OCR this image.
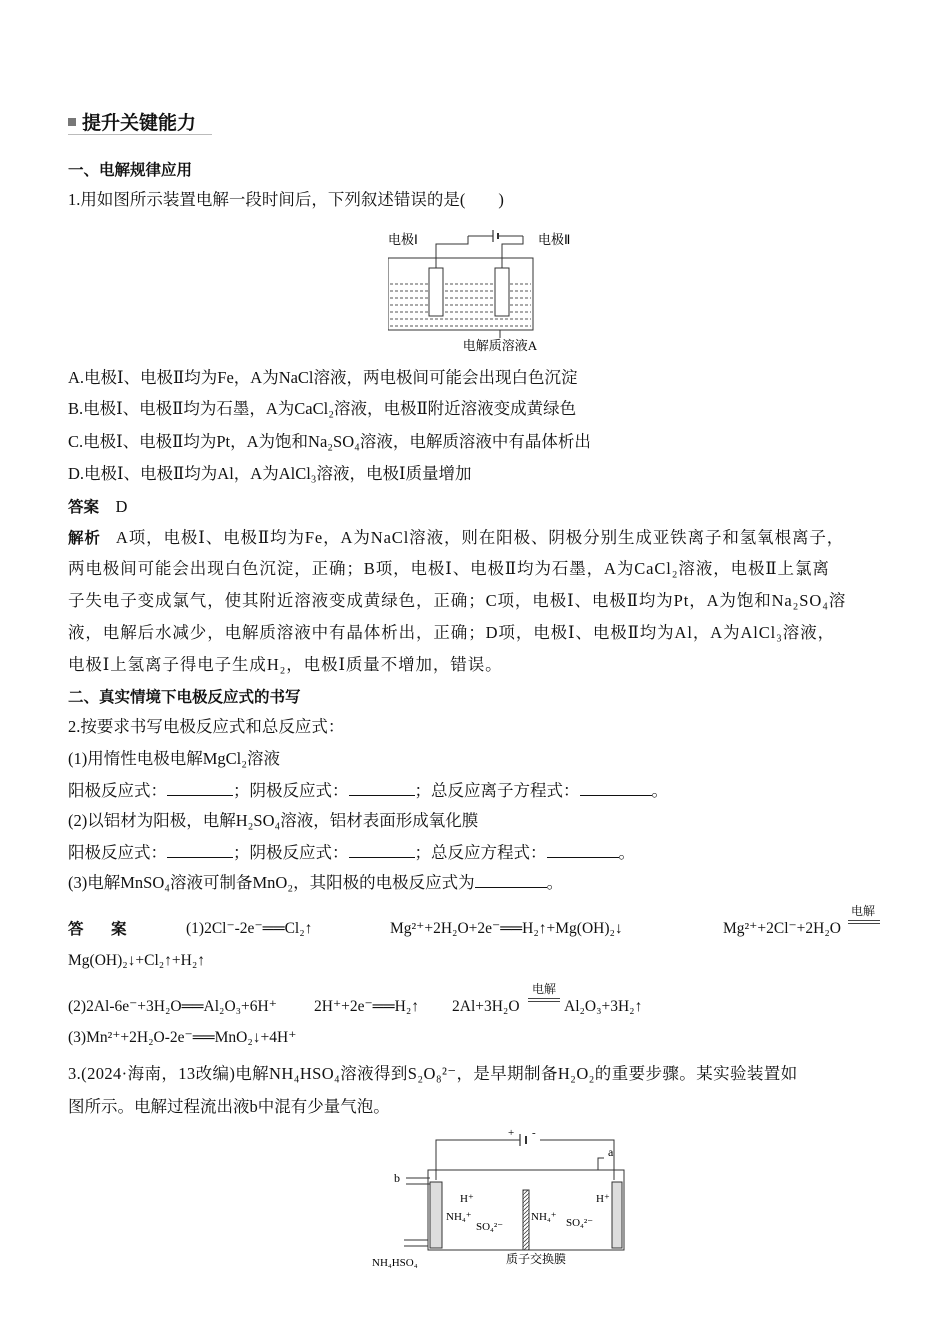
提升关键能力
一、电解规律应用
1.用如图所示装置电解一段时间后，下列叙述错误的是(　　)
电极Ⅰ	电极Ⅱ
电解质溶液A
A.电极Ⅰ、电极Ⅱ均为Fe，A为NaCl溶液，两电极间可能会出现白色沉淀
B.电极Ⅰ、电极Ⅱ均为石墨，A为CaCl₂溶液，电极Ⅱ附近溶液变成黄绿色
C.电极Ⅰ、电极Ⅱ均为Pt，A为饱和Na₂SO₄溶液，电解质溶液中有晶体析出
D.电极Ⅰ、电极Ⅱ均为Al，A为AlCl₃溶液，电极Ⅰ质量增加
答案 D
解析 A项，电极Ⅰ、电极Ⅱ均为Fe，A为NaCl溶液，则在阳极、阴极分别生成亚铁离子和氢氧根离子，
两电极间可能会出现白色沉淀，正确；B项，电极Ⅰ、电极Ⅱ均为石墨，A为CaCl₂溶液，电极Ⅱ上氯离
子失电子变成氯气，使其附近溶液变成黄绿色，正确；C项，电极Ⅰ、电极Ⅱ均为Pt，A为饱和Na₂SO₄溶
液，电解后水减少，电解质溶液中有晶体析出，正确；D项，电极Ⅰ、电极Ⅱ均为Al，A为AlCl₃溶液，
电极Ⅰ上氢离子得电子生成H₂，电极Ⅰ质量不增加，错误。
二、真实情境下电极反应式的书写
2.按要求书写电极反应式和总反应式：
(1)用惰性电极电解MgCl₂溶液
阳极反应式：	；阴极反应式：	；总反应离子方程式：	。
(2)以铝材为阳极，电解H₂SO₄溶液，铝材表面形成氧化膜
阳极反应式：	；阴极反应式：	；总反应方程式：	。
(3)电解MnSO₄溶液可制备MnO₂，其阳极的电极反应式为	。
答　案	(1)2Cl⁻-2e⁻══Cl₂↑	Mg²⁺+2H₂O+2e⁻══H₂↑+Mg(OH)₂↓	Mg²⁺+2Cl⁻+2H₂O
电解
Mg(OH)₂↓+Cl₂↑+H₂↑
(2)2Al-6e⁻+3H₂O══Al₂O₃+6H⁺ 2H⁺+2e⁻══H₂↑ 2Al+3H₂O
电解
Al₂O₃+3H₂↑
(3)Mn²⁺+2H₂O-2e⁻══MnO₂↓+4H⁺
3.(2024·海南，13改编)电解NH₄HSO₄溶液得到S₂O₈²⁻，是早期制备H₂O₂的重要步骤。某实验装置如
图所示。电解过程流出液b中混有少量气泡。
+ -
b
a
H⁺	H⁺
NH₄⁺	NH₄⁺
SO₄²⁻	SO₄²⁻
NH₄HSO₄	质子交换膜
